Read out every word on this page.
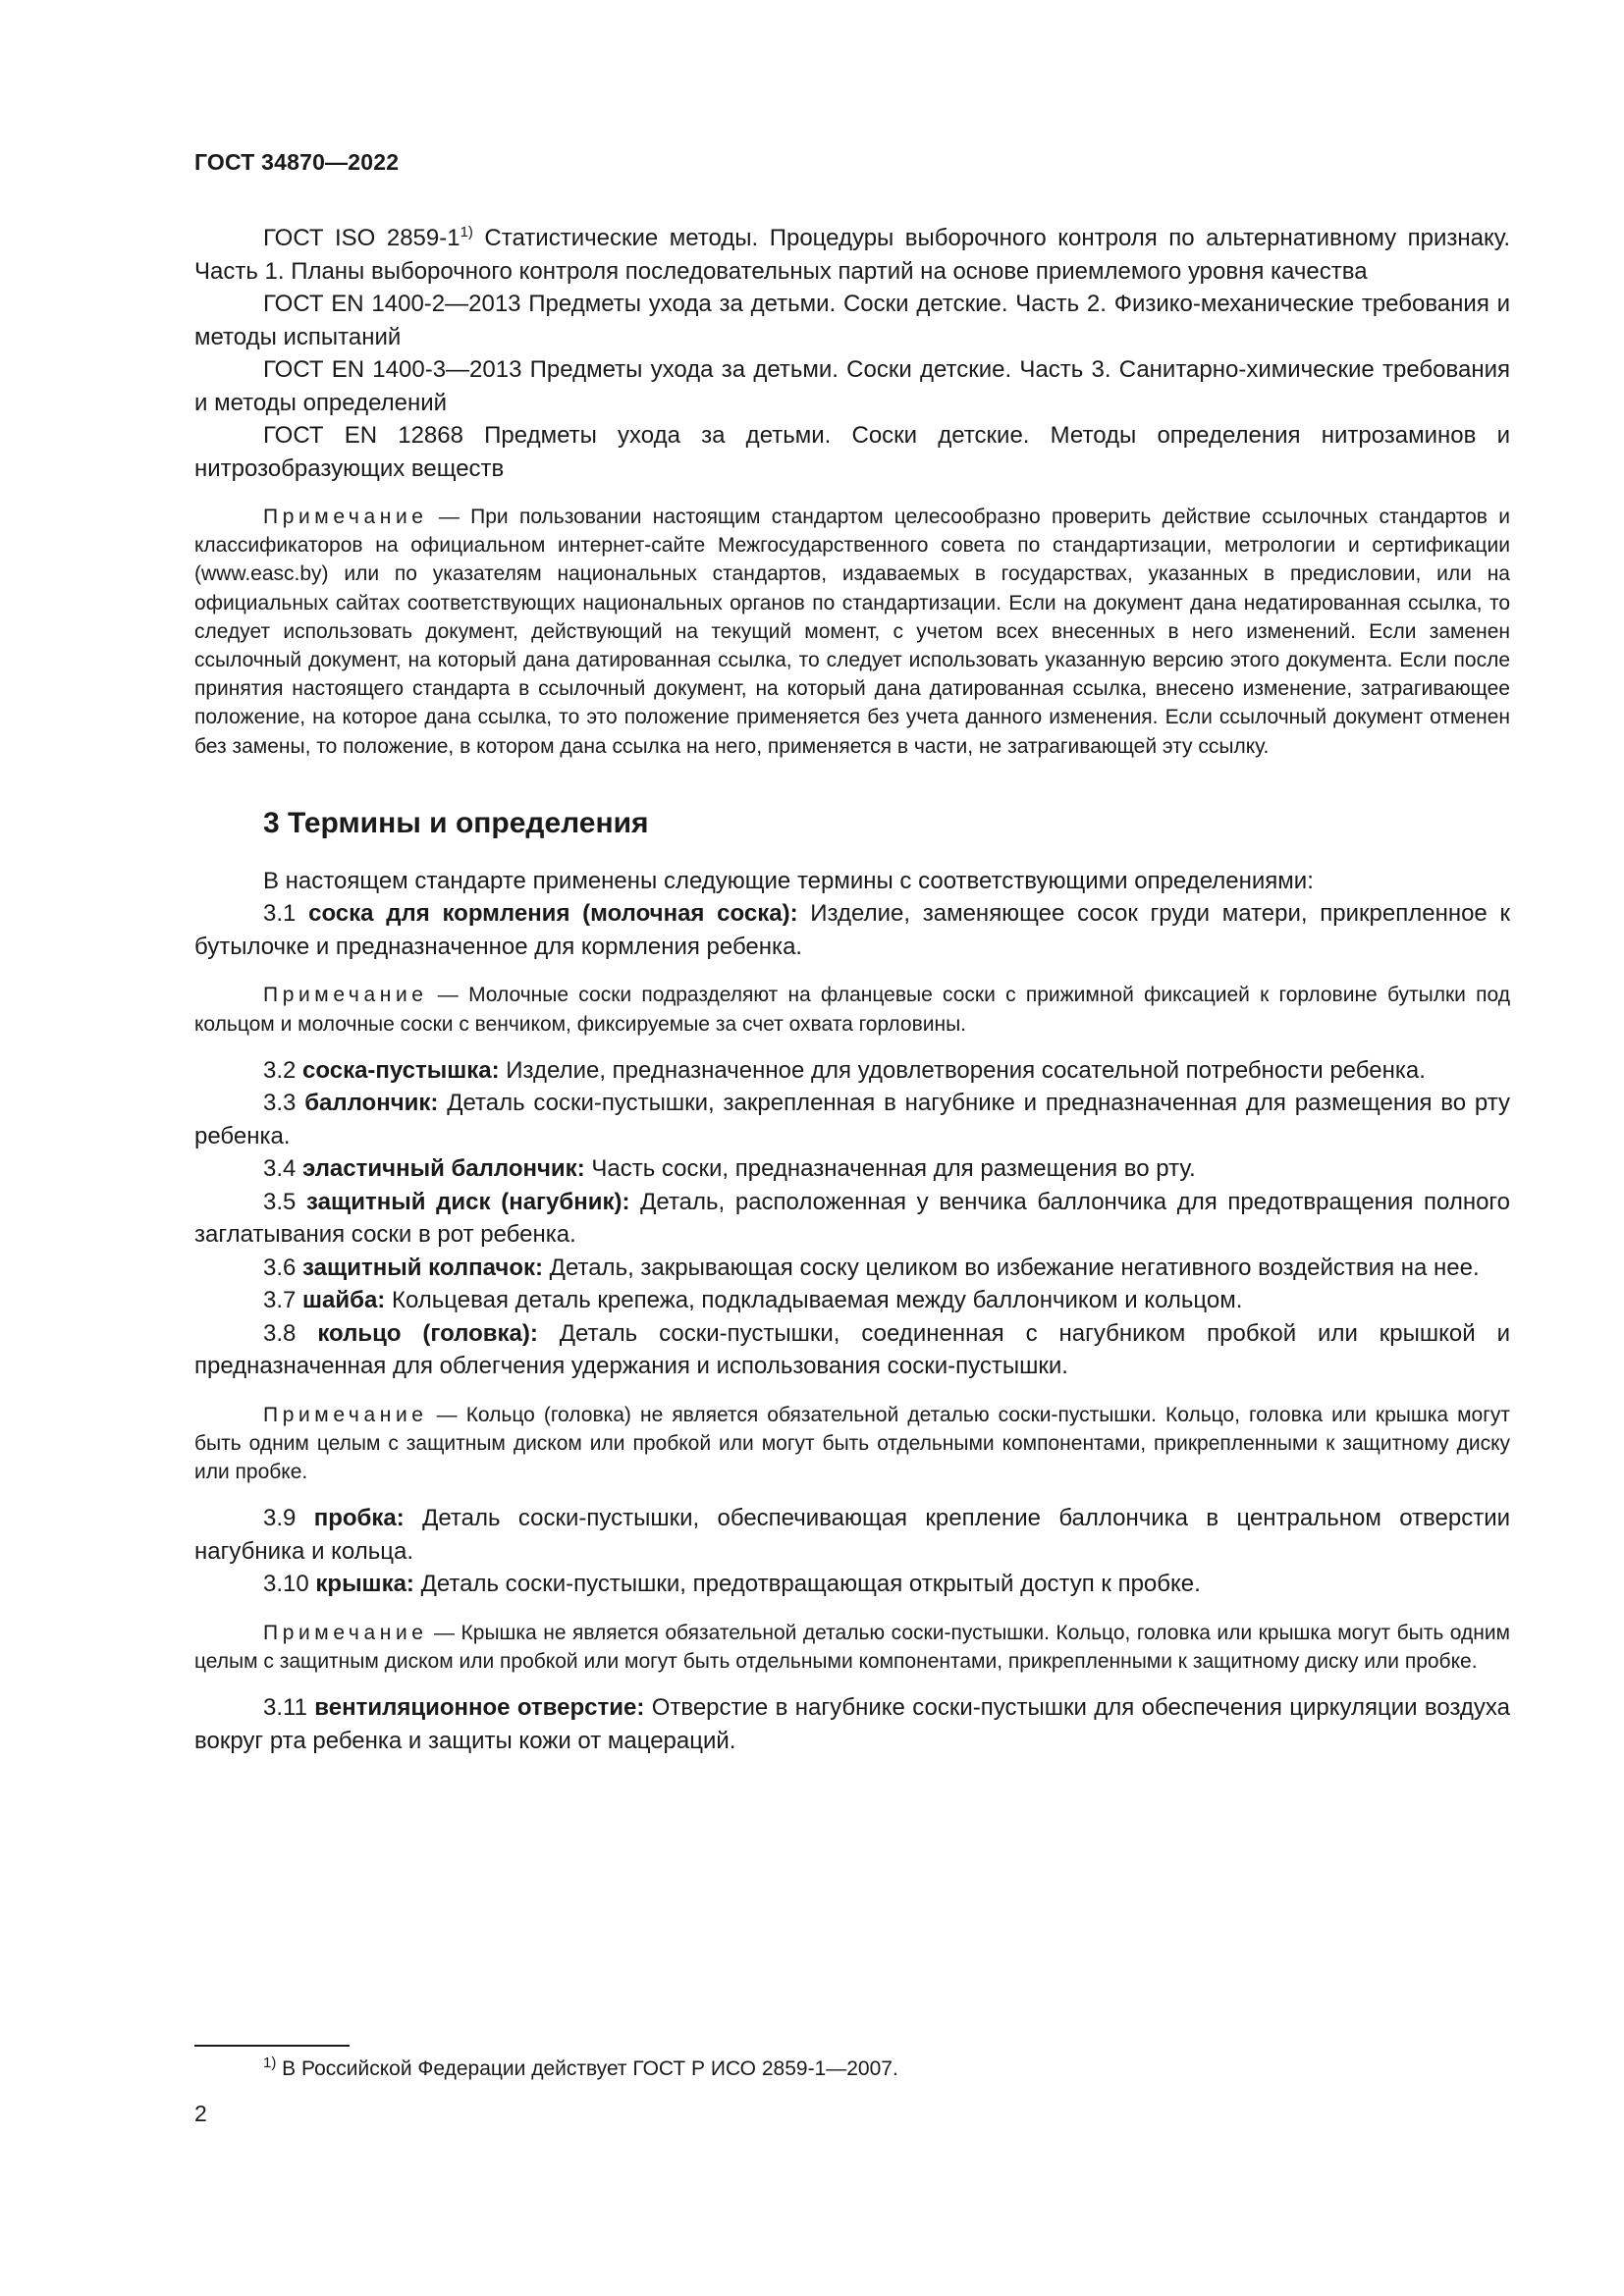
ГОСТ 34870—2022

ГОСТ ISO 2859-1$^{1)}$ Статистические методы. Процедуры выборочного контроля по альтернативному признаку. Часть 1. Планы выборочного контроля последовательных партий на основе приемлемого уровня качества

ГОСТ EN 1400-2—2013 Предметы ухода за детьми. Соски детские. Часть 2. Физико-механические требования и методы испытаний

ГОСТ EN 1400-3—2013 Предметы ухода за детьми. Соски детские. Часть 3. Санитарно-химические требования и методы определений

ГОСТ EN 12868 Предметы ухода за детьми. Соски детские. Методы определения нитрозаминов и нитрозобразующих веществ

Примечание — При пользовании настоящим стандартом целесообразно проверить действие ссылочных стандартов и классификаторов на официальном интернет-сайте Межгосударственного совета по стандартизации, метрологии и сертификации (www.easc.by) или по указателям национальных стандартов, издаваемых в государствах, указанных в предисловии, или на официальных сайтах соответствующих национальных органов по стандартизации. Если на документ дана недатированная ссылка, то следует использовать документ, действующий на текущий момент, с учетом всех внесенных в него изменений. Если заменен ссылочный документ, на который дана датированная ссылка, то следует использовать указанную версию этого документа. Если после принятия настоящего стандарта в ссылочный документ, на который дана датированная ссылка, внесено изменение, затрагивающее положение, на которое дана ссылка, то это положение применяется без учета данного изменения. Если ссылочный документ отменен без замены, то положение, в котором дана ссылка на него, применяется в части, не затрагивающей эту ссылку.

3 Термины и определения

В настоящем стандарте применены следующие термины с соответствующими определениями:

3.1 соска для кормления (молочная соска): Изделие, заменяющее сосок груди матери, прикрепленное к бутылочке и предназначенное для кормления ребенка.

Примечание — Молочные соски подразделяют на фланцевые соски с прижимной фиксацией к горловине бутылки под кольцом и молочные соски с венчиком, фиксируемые за счет охвата горловины.

3.2 соска-пустышка: Изделие, предназначенное для удовлетворения сосательной потребности ребенка.

3.3 баллончик: Деталь соски-пустышки, закрепленная в нагубнике и предназначенная для размещения во рту ребенка.

3.4 эластичный баллончик: Часть соски, предназначенная для размещения во рту.

3.5 защитный диск (нагубник): Деталь, расположенная у венчика баллончика для предотвращения полного заглатывания соски в рот ребенка.

3.6 защитный колпачок: Деталь, закрывающая соску целиком во избежание негативного воздействия на нее.

3.7 шайба: Кольцевая деталь крепежа, подкладываемая между баллончиком и кольцом.

3.8 кольцо (головка): Деталь соски-пустышки, соединенная с нагубником пробкой или крышкой и предназначенная для облегчения удержания и использования соски-пустышки.

Примечание — Кольцо (головка) не является обязательной деталью соски-пустышки. Кольцо, головка или крышка могут быть одним целым с защитным диском или пробкой или могут быть отдельными компонентами, прикрепленными к защитному диску или пробке.

3.9 пробка: Деталь соски-пустышки, обеспечивающая крепление баллончика в центральном отверстии нагубника и кольца.

3.10 крышка: Деталь соски-пустышки, предотвращающая открытый доступ к пробке.

Примечание — Крышка не является обязательной деталью соски-пустышки. Кольцо, головка или крышка могут быть одним целым с защитным диском или пробкой или могут быть отдельными компонентами, прикрепленными к защитному диску или пробке.

3.11 вентиляционное отверстие: Отверстие в нагубнике соски-пустышки для обеспечения циркуляции воздуха вокруг рта ребенка и защиты кожи от мацераций.

$^{1)}$ В Российской Федерации действует ГОСТ Р ИСО 2859-1—2007.
2
